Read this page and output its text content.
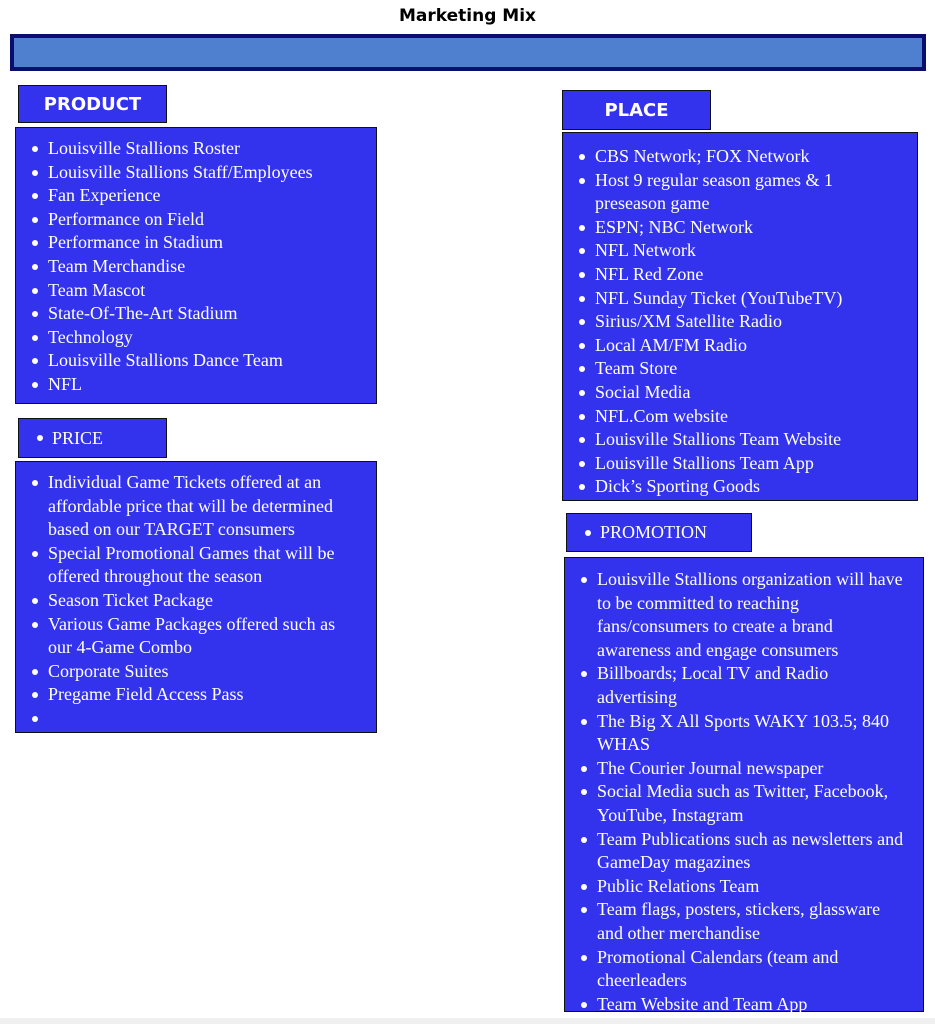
Marketing Mix
PRODUCT
Louisville Stallions Roster
Louisville Stallions Staff/Employees
Fan Experience
Performance on Field
Performance in Stadium
Team Merchandise
Team Mascot
State-Of-The-Art Stadium
Technology
Louisville Stallions Dance Team
NFL
PRICE
Individual Game Tickets offered at an affordable price that will be determined based on our TARGET consumers
Special Promotional Games that will be offered throughout the season
Season Ticket Package
Various Game Packages offered such as our 4-Game Combo
Corporate Suites
Pregame Field Access Pass
PLACE
CBS Network; FOX Network
Host 9 regular season games & 1 preseason game
ESPN; NBC Network
NFL Network
NFL Red Zone
NFL Sunday Ticket (YouTubeTV)
Sirius/XM Satellite Radio
Local AM/FM Radio
Team Store
Social Media
NFL.Com website
Louisville Stallions Team Website
Louisville Stallions Team App
Dick’s Sporting Goods
PROMOTION
Louisville Stallions organization will have to be committed to reaching fans/consumers to create a brand awareness and engage consumers
Billboards; Local TV and Radio advertising
The Big X All Sports WAKY 103.5; 840 WHAS
The Courier Journal newspaper
Social Media such as Twitter, Facebook, YouTube, Instagram
Team Publications such as newsletters and GameDay magazines
Public Relations Team
Team flags, posters, stickers, glassware and other merchandise
Promotional Calendars (team and cheerleaders
Team Website and Team App
